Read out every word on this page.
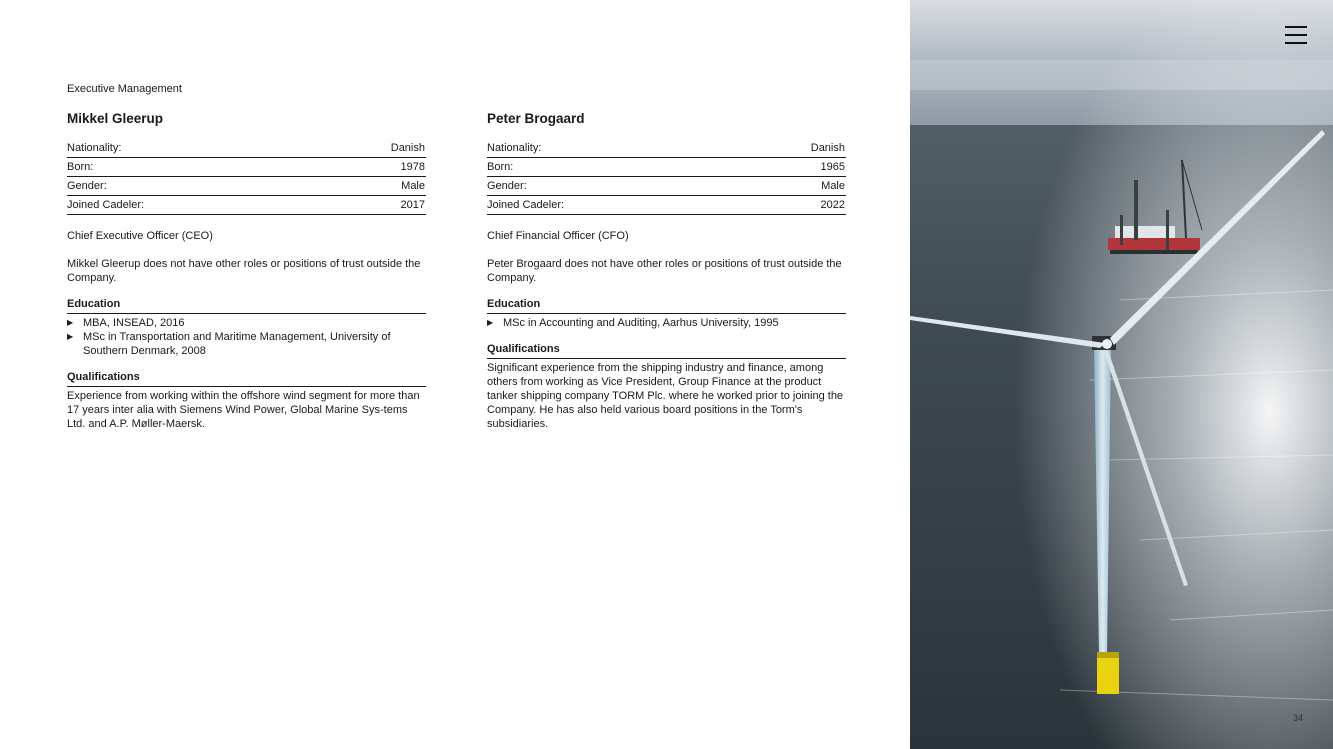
Executive Management
Mikkel Gleerup
Nationality:	Danish
Born:	1978
Gender:	Male
Joined Cadeler:	2017

Chief Executive Officer (CEO)

Mikkel Gleerup does not have other roles or positions of trust outside the Company.

Education
▶ MBA, INSEAD, 2016
▶ MSc in Transportation and Maritime Management, University of Southern Denmark, 2008
Qualifications

Experience from working within the offshore wind segment for more than 17 years inter alia with Siemens Wind Power, Global Marine Sys-tems Ltd. and A.P. Møller-Maersk.

Peter Brogaard
Nationality:	Danish
Born:	1965
Gender:	Male
Joined Cadeler:	2022

Chief Financial Officer (CFO)

Peter Brogaard does not have other roles or positions of trust outside the Company.

Education
▶ MSc in Accounting and Auditing, Aarhus University, 1995
Qualifications

Significant experience from the shipping industry and finance, among others from working as Vice President, Group Finance at the product tanker shipping company TORM Plc. where he worked prior to joining the Company. He has also held various board positions in the Torm's subsidiaries.

34
